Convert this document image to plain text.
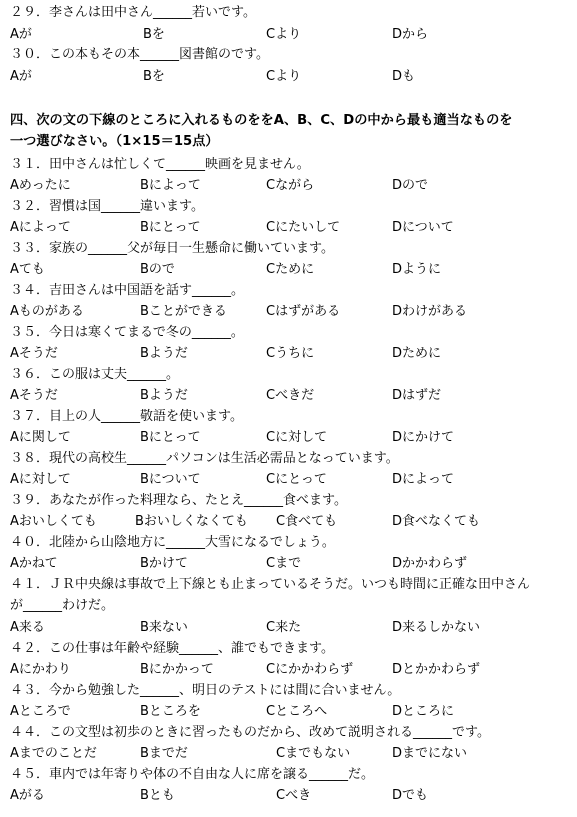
２９．李さんは田中さん______若いです。
Aが	Bを	Cより	Dから
３０．この本もその本______図書館のです。
Aが	Bを	Cより	Dも
四、次の文の下線のところに入れるものををA、B、C、Dの中から最も適当なものを
一つ選びなさい。（1×15＝15点）
３１．田中さんは忙しくて______映画を見ません。
Aめったに	Bによって	Cながら	Dので
３２．習慣は国______違います。
Aによって	Bにとって	Cにたいして	Dについて
３３．家族の______父が毎日一生懸命に働いています。
Aても	Bので	Cために	Dように
３４．吉田さんは中国語を話す______。
Aものがある	Bことができる	Cはずがある	Dわけがある
３５．今日は寒くてまるで冬の______。
Aそうだ	Bようだ	Cうちに	Dために
３６．この服は丈夫______。
Aそうだ	Bようだ	Cべきだ	Dはずだ
３７．目上の人______敬語を使います。
Aに関して	Bにとって	Cに対して	Dにかけて
３８．現代の高校生______パソコンは生活必需品となっています。
Aに対して	Bについて	Cにとって	Dによって
３９．あなたが作った料理なら、たとえ______食べます。
Aおいしくても	Bおいしくなくても C食べても	D食べなくても
４０．北陸から山陰地方に______大雪になるでしょう。
Aかねて	Bかけて	Cまで	Dかかわらず
４１．ＪＲ中央線は事故で上下線とも止まっているそうだ。いつも時間に正確な田中さん
が______わけだ。
A来る	B来ない	C来た	D来るしかない
４２．この仕事は年齢や経験______、誰でもできます。
Aにかわり	Bにかかって	Cにかかわらず	Dとかかわらず
４３．今から勉強した______、明日のテストには間に合いません。
Aところで	Bところを	Cところへ	Dところに
４４．この文型は初歩のときに習ったものだから、改めて説明される______です。
Aまでのことだ	Bまでだ	Cまでもない	Dまでにない
４５．車内では年寄りや体の不自由な人に席を譲る______だ。
Aがる	Bとも	Cべき	Dでも
